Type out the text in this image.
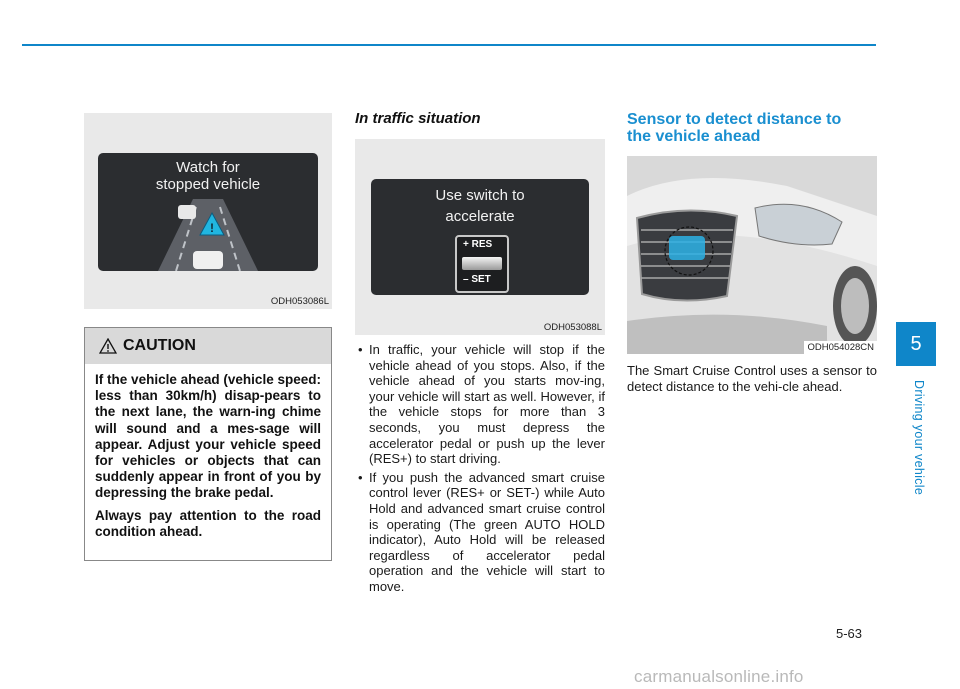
Watch for
stopped vehicle
!
ODH053086L
CAUTION

If the vehicle ahead (vehicle speed: less than 30km/h) disap-pears to the next lane, the warn-ing chime will sound and a mes-sage will appear. Adjust your vehicle speed for vehicles or objects that can suddenly appear in front of you by depressing the brake pedal.

Always pay attention to the road condition ahead.

In traffic situation
Use switch to
accelerate
+ RES
– SET
ODH053088L
• In traffic, your vehicle will stop if the vehicle ahead of you stops. Also, if the vehicle ahead of you starts mov-ing, your vehicle will start as well. However, if the vehicle stops for more than 3 seconds, you must depress the accelerator pedal or push up the lever (RES+) to start driving.
• If you push the advanced smart cruise control lever (RES+ or SET-) while Auto Hold and advanced smart cruise control is operating (The green AUTO HOLD indicator), Auto Hold will be released regardless of accelerator pedal operation and the vehicle will start to move.
Sensor to detect distance to
the vehicle ahead
ODH054028CN
The Smart Cruise Control uses a sensor to detect distance to the vehi-cle ahead.
5
Driving your vehicle
5-63
carmanualsonline.info
